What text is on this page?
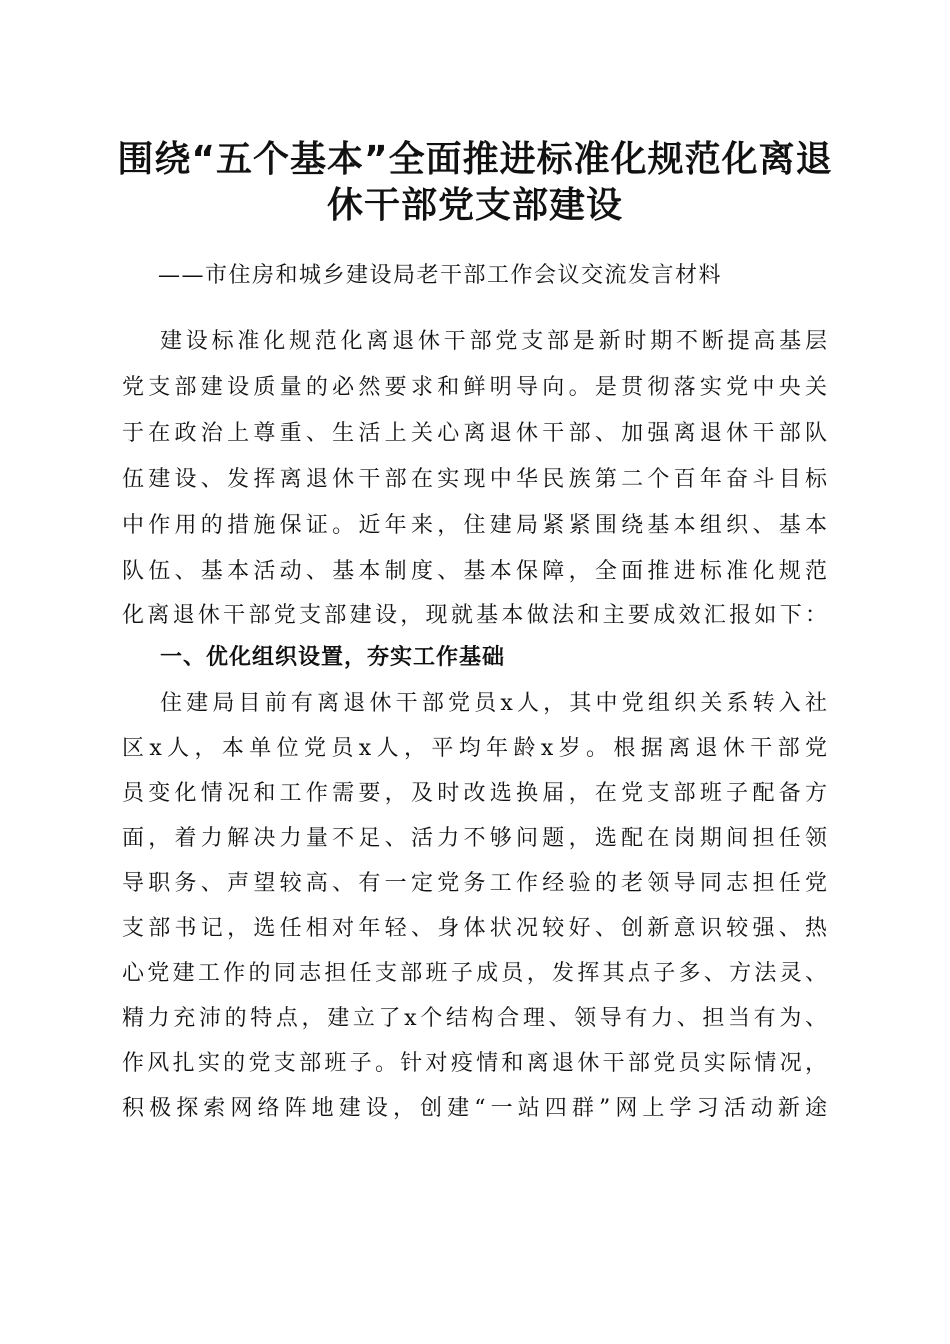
围绕“五个基本”全面推进标准化规范化离退
休干部党支部建设
——市住房和城乡建设局老干部工作会议交流发言材料
建设标准化规范化离退休干部党支部是新时期不断提高基层
党支部建设质量的必然要求和鲜明导向。是贯彻落实党中央关
于在政治上尊重、生活上关心离退休干部、加强离退休干部队
伍建设、发挥离退休干部在实现中华民族第二个百年奋斗目标
中作用的措施保证。近年来，住建局紧紧围绕基本组织、基本
队伍、基本活动、基本制度、基本保障，全面推进标准化规范
化离退休干部党支部建设，现就基本做法和主要成效汇报如下：
一、优化组织设置，夯实工作基础
住建局目前有离退休干部党员x人，其中党组织关系转入社
区x人，本单位党员x人，平均年龄x岁。根据离退休干部党
员变化情况和工作需要，及时改选换届，在党支部班子配备方
面，着力解决力量不足、活力不够问题，选配在岗期间担任领
导职务、声望较高、有一定党务工作经验的老领导同志担任党
支部书记，选任相对年轻、身体状况较好、创新意识较强、热
心党建工作的同志担任支部班子成员，发挥其点子多、方法灵、
精力充沛的特点，建立了x个结构合理、领导有力、担当有为、
作风扎实的党支部班子。针对疫情和离退休干部党员实际情况，
积极探索网络阵地建设，创建“一站四群”网上学习活动新途
